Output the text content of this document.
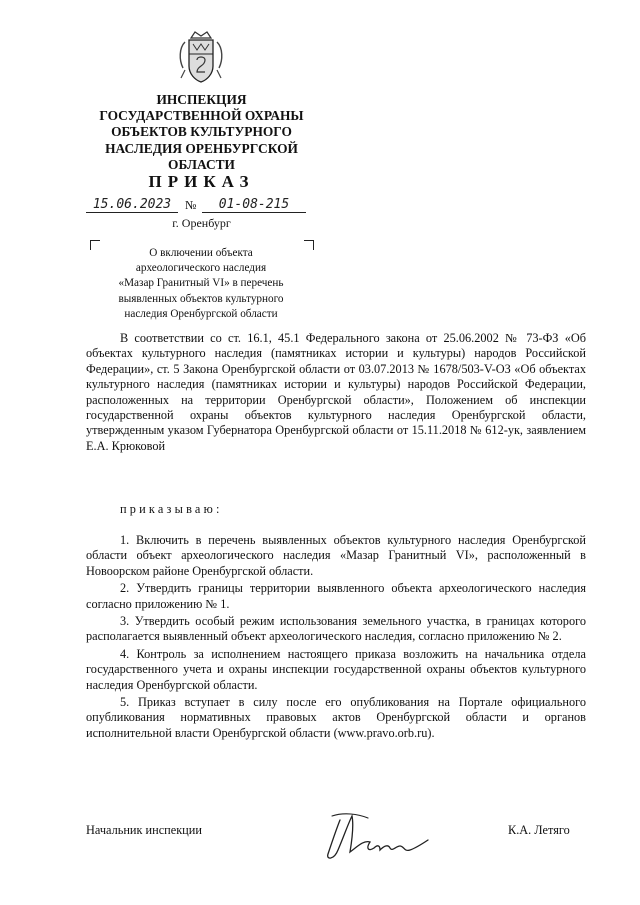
ИНСПЕКЦИЯ
ГОСУДАРСТВЕННОЙ ОХРАНЫ
ОБЪЕКТОВ КУЛЬТУРНОГО
НАСЛЕДИЯ ОРЕНБУРГСКОЙ
ОБЛАСТИ
ПРИКАЗ
15.06.2023	№	01-08-215
г. Оренбург
О включении объекта
археологического наследия
«Мазар Гранитный VI» в перечень
выявленных объектов культурного
наследия Оренбургской области
В соответствии со ст. 16.1, 45.1 Федерального закона от 25.06.2002 № 73-ФЗ «Об объектах культурного наследия (памятниках истории и культуры) народов Российской Федерации», ст. 5 Закона Оренбургской области от 03.07.2013 № 1678/503-V-ОЗ «Об объектах культурного наследия (памятниках истории и культуры) народов Российской Федерации, расположенных на территории Оренбургской области», Положением об инспекции государственной охраны объектов культурного наследия Оренбургской области, утвержденным указом Губернатора Оренбургской области от 15.11.2018 № 612-ук, заявлением Е.А. Крюковой
приказываю:

1. Включить в перечень выявленных объектов культурного наследия Оренбургской области объект археологического наследия «Мазар Гранитный VI», расположенный в Новоорском районе Оренбургской области.

2. Утвердить границы территории выявленного объекта археологического наследия согласно приложению № 1.

3. Утвердить особый режим использования земельного участка, в границах которого располагается выявленный объект археологического наследия, согласно приложению № 2.

4. Контроль за исполнением настоящего приказа возложить на начальника отдела государственного учета и охраны инспекции государственной охраны объектов культурного наследия Оренбургской области.

5. Приказ вступает в силу после его опубликования на Портале официального опубликования нормативных правовых актов Оренбургской области и органов исполнительной власти Оренбургской области (www.pravo.orb.ru).

Начальник инспекции	К.А. Летяго
